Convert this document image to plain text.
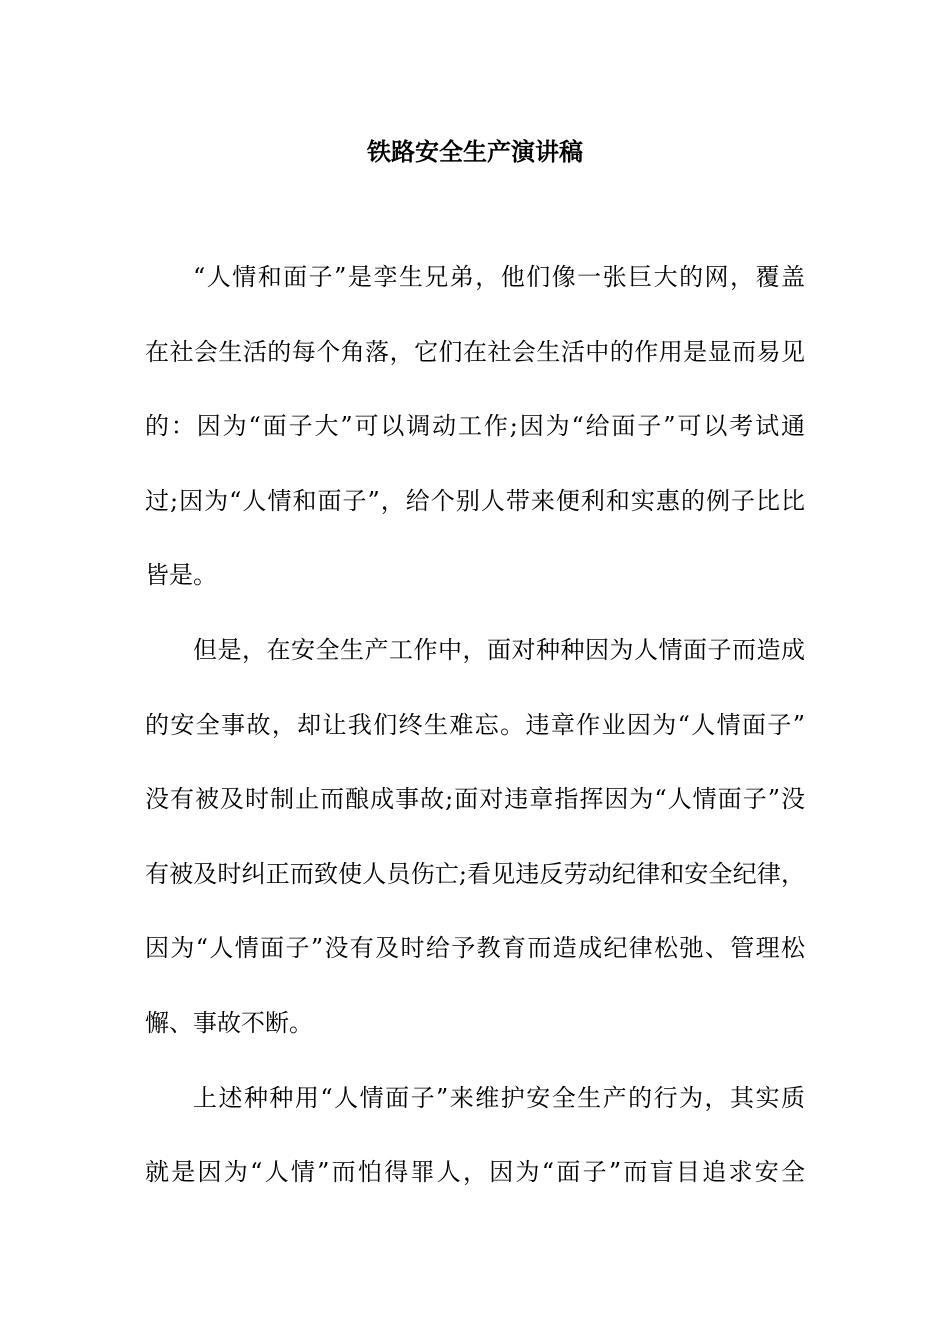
铁路安全生产演讲稿
“人情和面子”是孪生兄弟，他们像一张巨大的网，覆盖
在社会生活的每个角落，它们在社会生活中的作用是显而易见
的：因为“面子大”可以调动工作;因为“给面子”可以考试通
过;因为“人情和面子”，给个别人带来便利和实惠的例子比比
皆是。
但是，在安全生产工作中，面对种种因为人情面子而造成
的安全事故，却让我们终生难忘。违章作业因为“人情面子”
没有被及时制止而酿成事故;面对违章指挥因为“人情面子”没
有被及时纠正而致使人员伤亡;看见违反劳动纪律和安全纪律，
因为“人情面子”没有及时给予教育而造成纪律松弛、管理松
懈、事故不断。
上述种种用“人情面子”来维护安全生产的行为，其实质
就是因为“人情”而怕得罪人，因为“面子”而盲目追求安全
